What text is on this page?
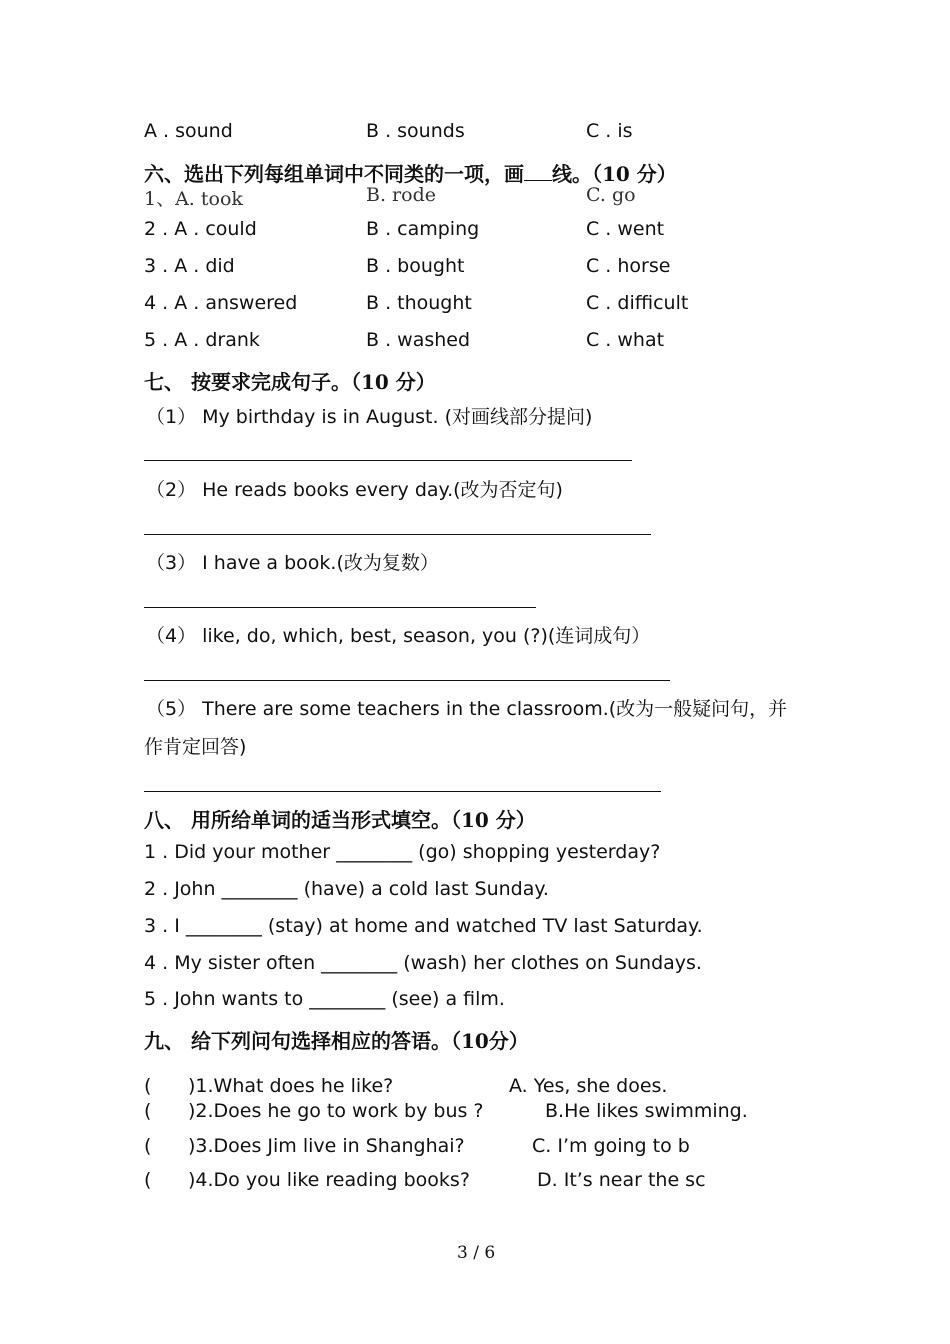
A . sound	B . sounds	C . is
六、选出下列每组单词中不同类的一项，画 线。（10 分）
1、A. took	B. rode	C. go
2 . A . could	B . camping	C . went
3 . A . did	B . bought	C . horse
4 . A . answered	B . thought	C . difficult
5 . A . drank	B . washed	C . what
七、 按要求完成句子。（10 分）
（1） My birthday is in August. (对画线部分提问)
（2） He reads books every day.(改为否定句)
（3） I have a book.(改为复数）
（4） like, do, which, best, season, you (?)(连词成句）
（5） There are some teachers in the classroom.(改为一般疑问句，并
作肯定回答)
八、 用所给单词的适当形式填空。（10 分）
1 . Did your mother ________ (go) shopping yesterday?
2 . John ________ (have) a cold last Sunday.
3 . I ________ (stay) at home and watched TV last Saturday.
4 . My sister often ________ (wash) her clothes on Sundays.
5 . John wants to ________ (see) a film.
九、 给下列问句选择相应的答语。（10分）
( )1.What does he like?	A. Yes, she does.
( )2.Does he go to work by bus ?	B.He likes swimming.
( )3.Does Jim live in Shanghai?	C. I’m going to b
( )4.Do you like reading books?	D. It’s near the sc
3 / 6
